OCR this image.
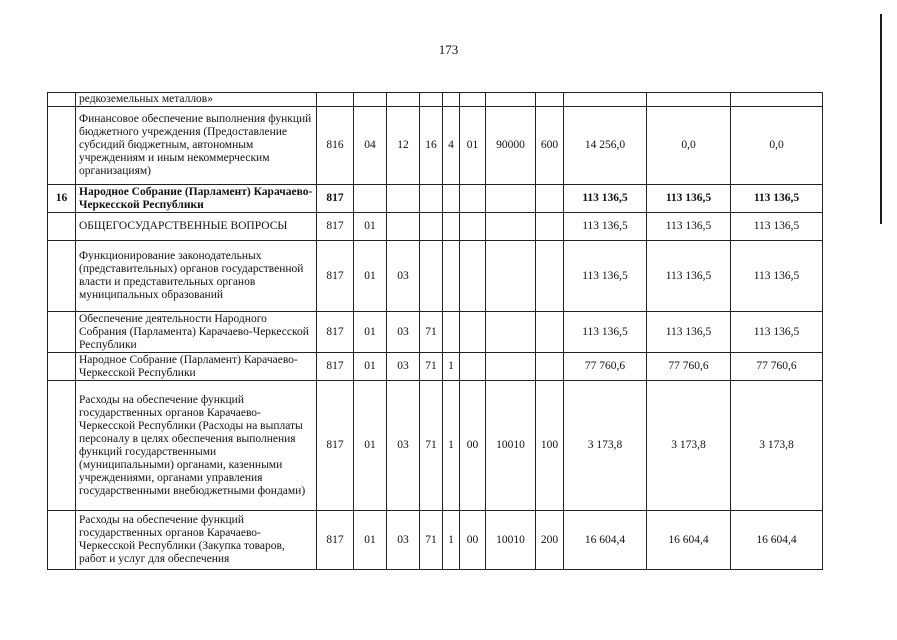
173
	редкоземельных металлов»											
	Финансовое обеспечение выполнения функций бюджетного учреждения (Предоставление субсидий бюджетным, автономным учреждениям и иным некоммерческим организациям)	816	04	12	16	4	01	90000	600	14 256,0	0,0	0,0
16	Народное Собрание (Парламент) Карачаево-Черкесской Республики	817								113 136,5	113 136,5	113 136,5
	ОБЩЕГОСУДАРСТВЕННЫЕ ВОПРОСЫ	817	01							113 136,5	113 136,5	113 136,5
	Функционирование законодательных (представительных) органов государственной власти и представительных органов муниципальных образований	817	01	03						113 136,5	113 136,5	113 136,5
	Обеспечение деятельности Народного Собрания (Парламента) Карачаево-Черкесской Республики	817	01	03	71					113 136,5	113 136,5	113 136,5
	Народное Собрание (Парламент) Карачаево-Черкесской Республики	817	01	03	71	1				77 760,6	77 760,6	77 760,6
	Расходы на обеспечение функций государственных органов Карачаево-Черкесской Республики (Расходы на выплаты персоналу в целях обеспечения выполнения функций государственными (муниципальными) органами, казенными учреждениями, органами управления государственными внебюджетными фондами)	817	01	03	71	1	00	10010	100	3 173,8	3 173,8	3 173,8
	Расходы на обеспечение функций государственных органов Карачаево-Черкесской Республики (Закупка товаров, работ и услуг для обеспечения	817	01	03	71	1	00	10010	200	16 604,4	16 604,4	16 604,4
